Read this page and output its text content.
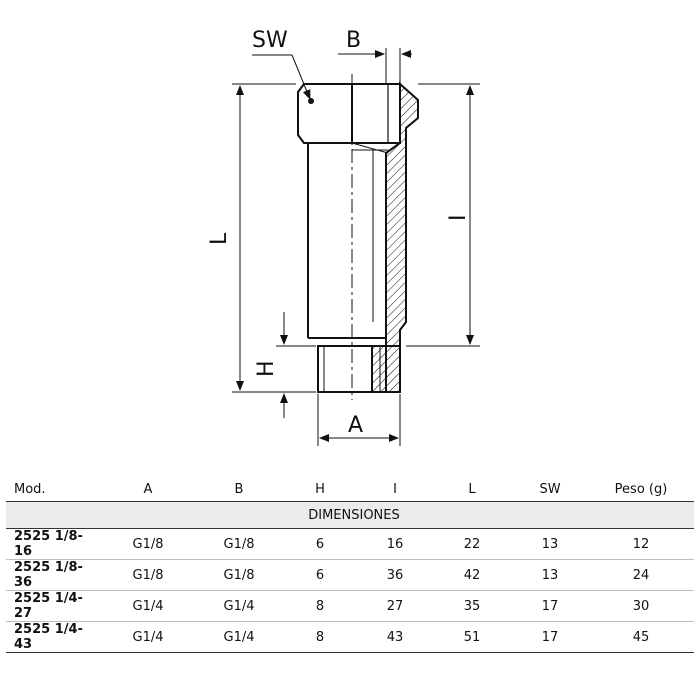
SW	B
L
I
H
A
DIMENSIONES							
Mod.	A	B	H	I	L	SW	Peso (g)
2525 1/8-16	G1/8	G1/8	6	16	22	13	12
2525 1/8-36	G1/8	G1/8	6	36	42	13	24
2525 1/4-27	G1/4	G1/4	8	27	35	17	30
2525 1/4-43	G1/4	G1/4	8	43	51	17	45
